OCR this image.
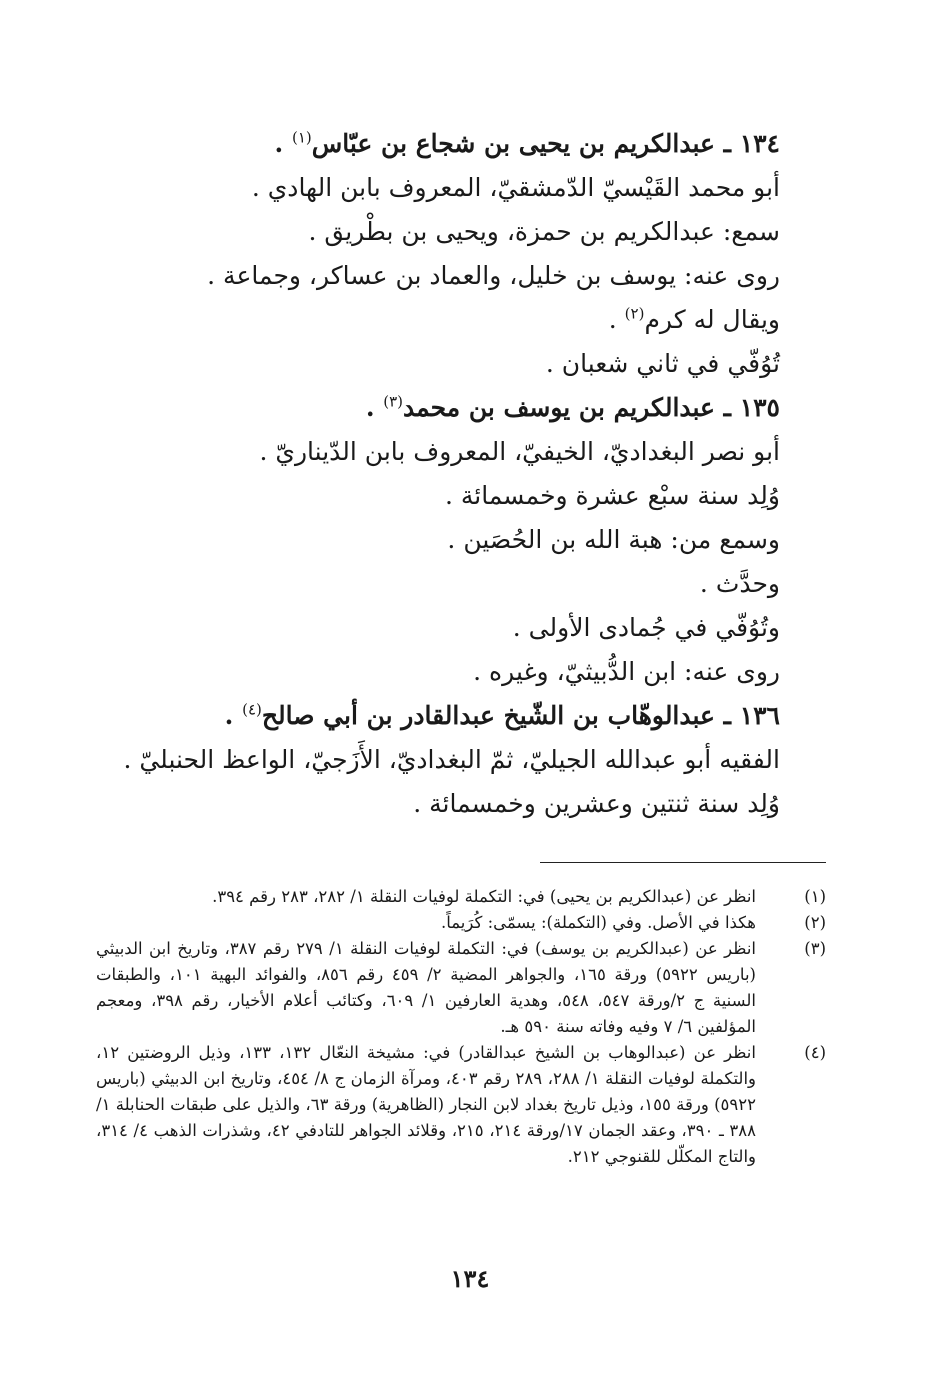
١٣٤ ـ عبدالكريم بن يحيى بن شجاع بن عبّاس$^{(١)}$ .
أبو محمد القَيْسيّ الدّمشقيّ، المعروف بابن الهادي .
سمع: عبدالكريم بن حمزة، ويحيى بن بطْريق .
روى عنه: يوسف بن خليل، والعماد بن عساكر، وجماعة .
ويقال له كرم$^{(٢)}$ .
تُوُفّي في ثاني شعبان .
١٣٥ ـ عبدالكريم بن يوسف بن محمد$^{(٣)}$ .
أبو نصر البغداديّ، الخيفيّ، المعروف بابن الدّيناريّ .
وُلِد سنة سبْع عشرة وخمسمائة .
وسمع من: هبة الله بن الحُصَين .
وحدَّث .
وتُوُفّي في جُمادى الأولى .
روى عنه: ابن الدُّبيثيّ، وغيره .
١٣٦ ـ عبدالوهّاب بن الشّيخ عبدالقادر بن أبي صالح$^{(٤)}$ .
الفقيه أبو عبدالله الجيليّ، ثمّ البغداديّ، الأَزَجيّ، الواعظ الحنبليّ .
وُلِد سنة ثنتين وعشرين وخمسمائة .
(١)
انظر عن (عبدالكريم بن يحيى) في: التكملة لوفيات النقلة ١/ ٢٨٢، ٢٨٣ رقم ٣٩٤.
(٢)
هكذا في الأصل. وفي (التكملة): يسمّى: كُرَيماً.
(٣)
انظر عن (عبدالكريم بن يوسف) في: التكملة لوفيات النقلة ١/ ٢٧٩ رقم ٣٨٧، وتاريخ ابن الدبيثي (باريس ٥٩٢٢) ورقة ١٦٥، والجواهر المضية ٢/ ٤٥٩ رقم ٨٥٦، والفوائد البهية ١٠١، والطبقات السنية ج ٢/ورقة ٥٤٧، ٥٤٨، وهدية العارفين ١/ ٦٠٩، وكتائب أعلام الأخيار، رقم ٣٩٨، ومعجم المؤلفين ٦/ ٧ وفيه وفاته سنة ٥٩٠ هـ.
(٤)
انظر عن (عبدالوهاب بن الشيخ عبدالقادر) في: مشيخة النعّال ١٣٢، ١٣٣، وذيل الروضتين ١٢، والتكملة لوفيات النقلة ١/ ٢٨٨، ٢٨٩ رقم ٤٠٣، ومرآة الزمان ج ٨/ ٤٥٤، وتاريخ ابن الدبيثي (باريس ٥٩٢٢) ورقة ١٥٥، وذيل تاريخ بغداد لابن النجار (الظاهرية) ورقة ٦٣، والذيل على طبقات الحنابلة ١/ ٣٨٨ ـ ٣٩٠، وعقد الجمان ١٧/ورقة ٢١٤، ٢١٥، وقلائد الجواهر للتادفي ٤٢، وشذرات الذهب ٤/ ٣١٤، والتاج المكلّل للقنوجي ٢١٢.
١٣٤
